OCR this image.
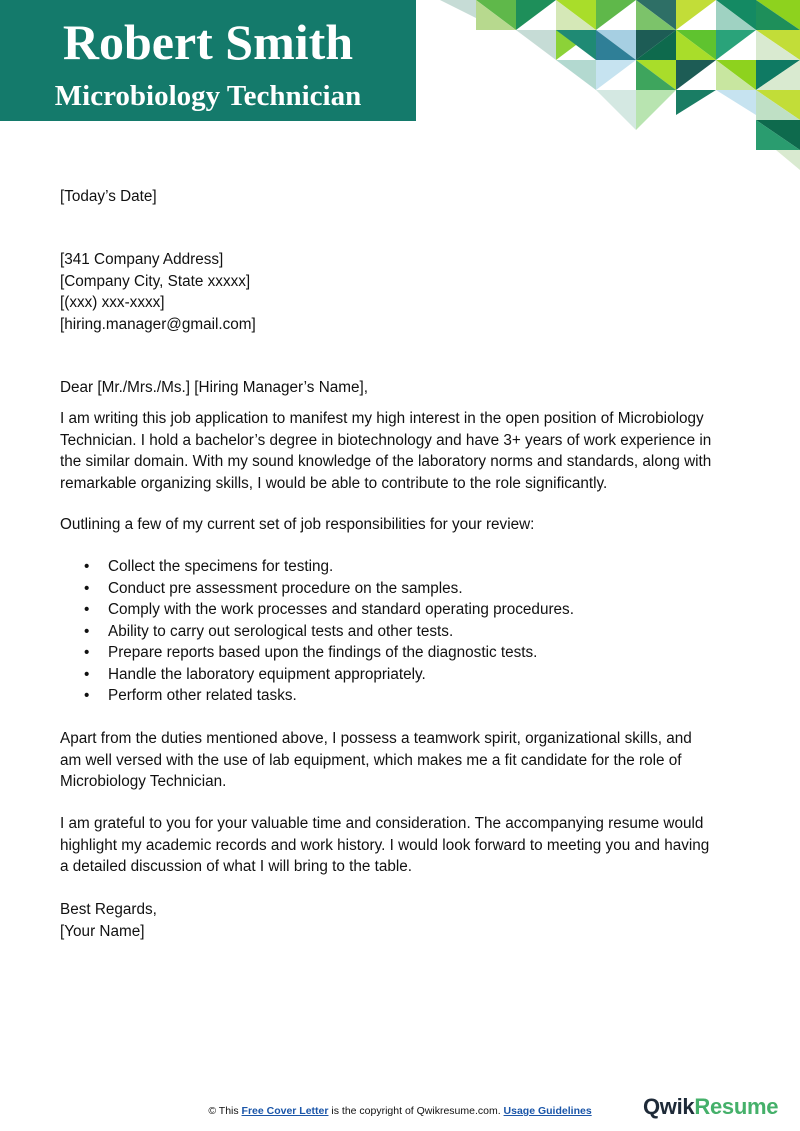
Robert Smith
Microbiology Technician
[Today’s Date]

[341 Company Address]

[Company City, State xxxxx]

[(xxx) xxx-xxxx]

[hiring.manager@gmail.com]

Dear [Mr./Mrs./Ms.] [Hiring Manager’s Name],

I am writing this job application to manifest my high interest in the open position of Microbiology

Technician. I hold a bachelor’s degree in biotechnology and have 3+ years of work experience in

the similar domain. With my sound knowledge of the laboratory norms and standards, along with

remarkable organizing skills, I would be able to contribute to the role significantly.

Outlining a few of my current set of job responsibilities for your review:
• Collect the specimens for testing.
• Conduct pre assessment procedure on the samples.
• Comply with the work processes and standard operating procedures.
• Ability to carry out serological tests and other tests.
• Prepare reports based upon the findings of the diagnostic tests.
• Handle the laboratory equipment appropriately.
• Perform other related tasks.

Apart from the duties mentioned above, I possess a teamwork spirit, organizational skills, and

am well versed with the use of lab equipment, which makes me a fit candidate for the role of

Microbiology Technician.

I am grateful to you for your valuable time and consideration. The accompanying resume would

highlight my academic records and work history. I would look forward to meeting you and having

a detailed discussion of what I will bring to the table.

Best Regards,

[Your Name]

© This Free Cover Letter is the copyright of Qwikresume.com. Usage Guidelines	QwikResume
